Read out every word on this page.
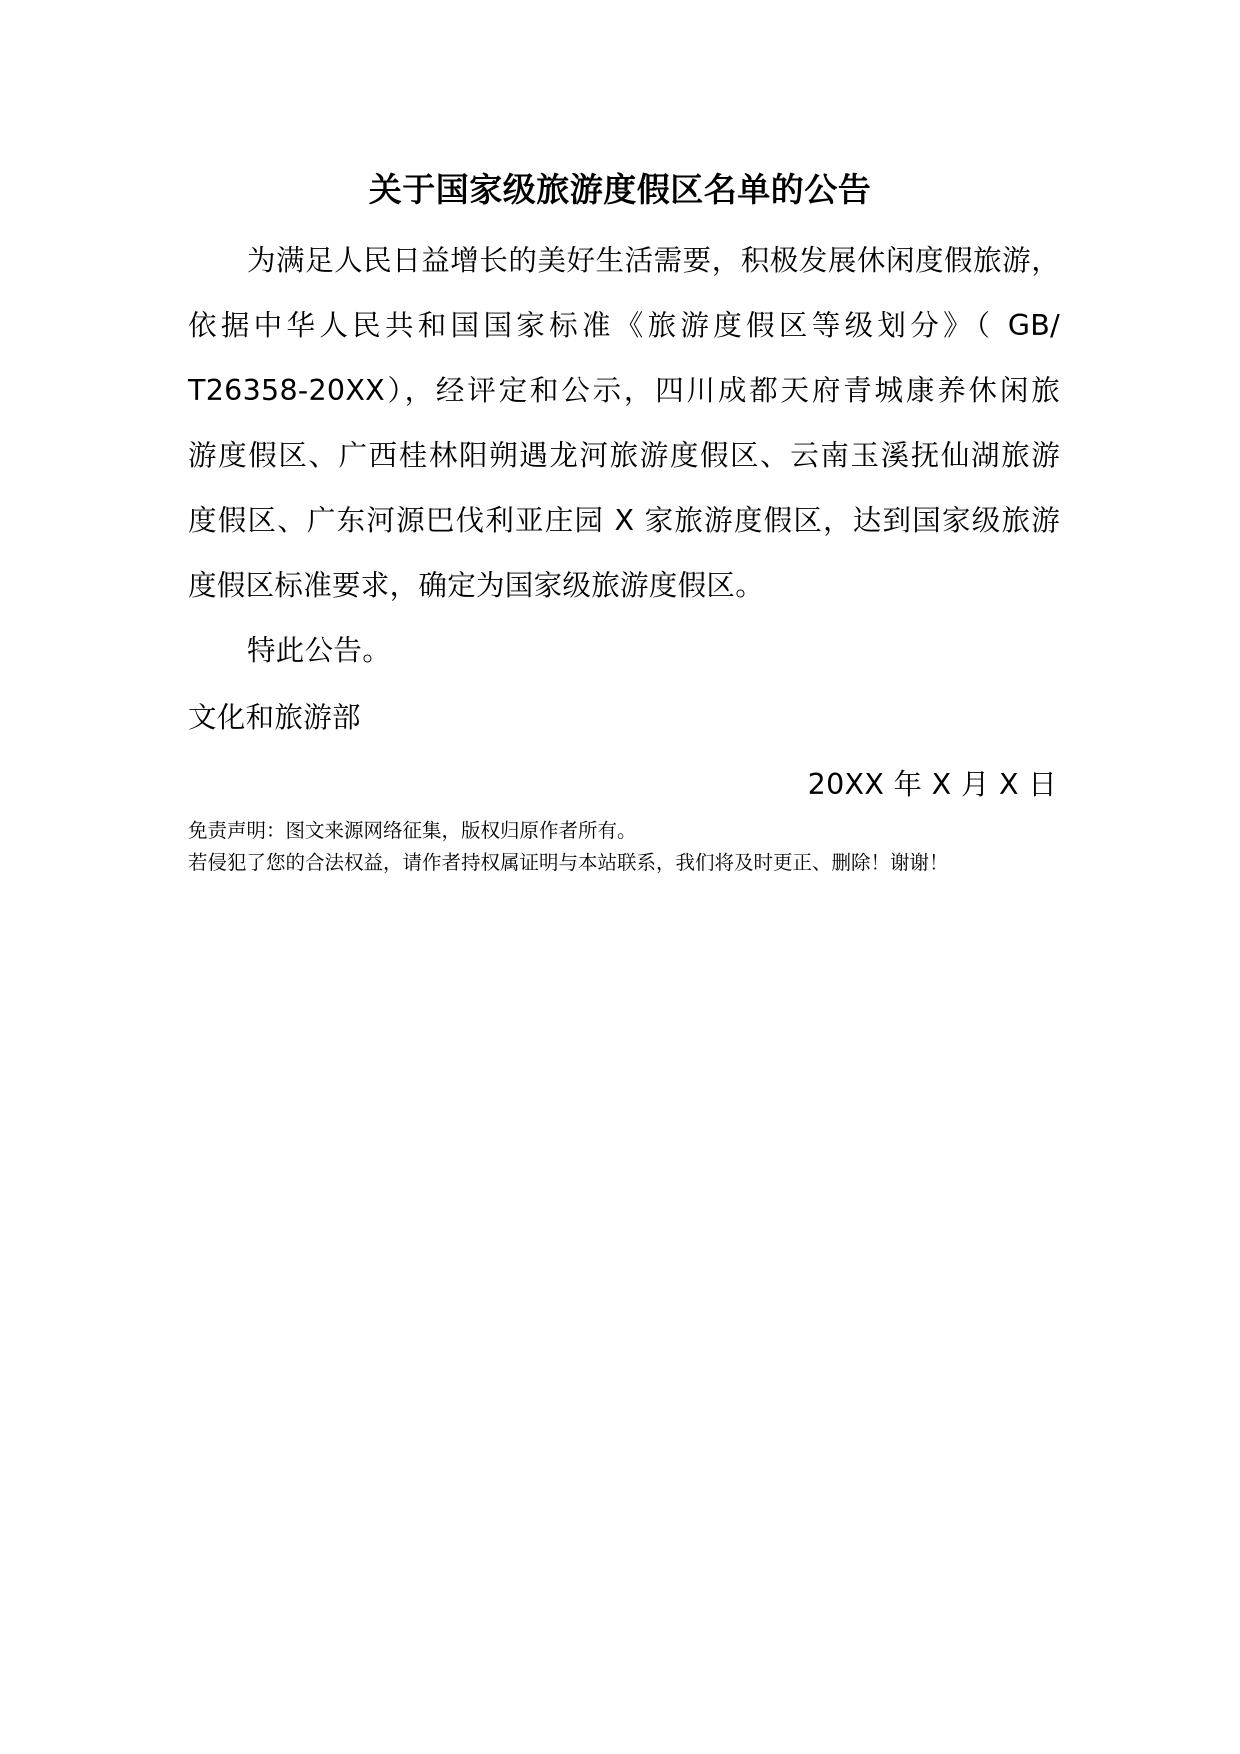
关于国家级旅游度假区名单的公告
为满足人民日益增长的美好生活需要，积极发展休闲度假旅游，
依据中华人民共和国国家标准《旅游度假区等级划分》（ GB/
T26358-20XX），经评定和公示，四川成都天府青城康养休闲旅
游度假区、广西桂林阳朔遇龙河旅游度假区、云南玉溪抚仙湖旅游
度假区、广东河源巴伐利亚庄园 X 家旅游度假区，达到国家级旅游
度假区标准要求，确定为国家级旅游度假区。
特此公告。
文化和旅游部
20XX 年 X 月 X 日
免责声明：图文来源网络征集，版权归原作者所有。
若侵犯了您的合法权益，请作者持权属证明与本站联系，我们将及时更正、删除！谢谢！
